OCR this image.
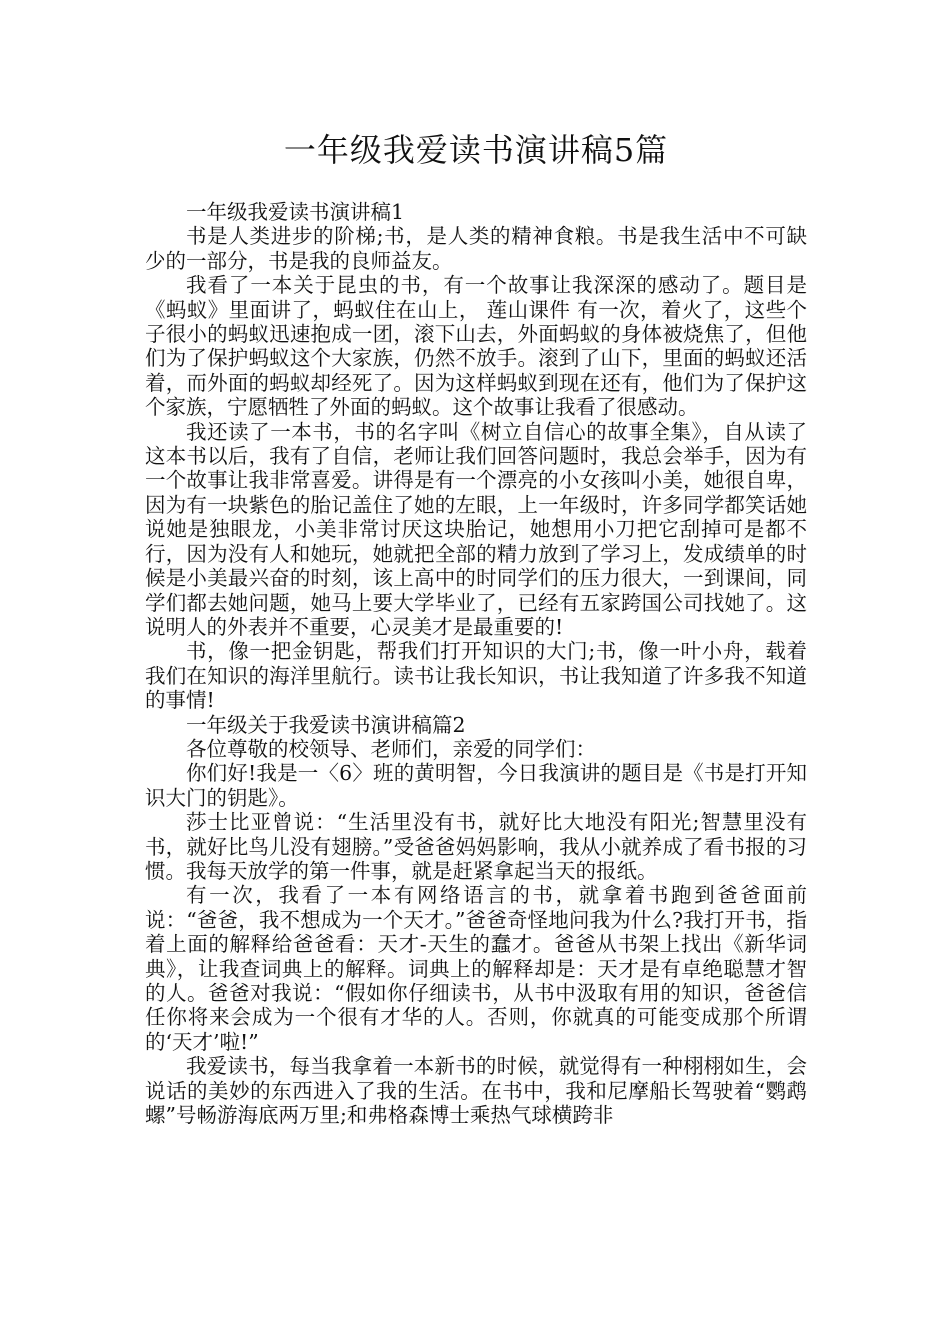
一年级我爱读书演讲稿5篇

一年级我爱读书演讲稿1

书是人类进步的阶梯;书，是人类的精神食粮。书是我生活中不可缺少的一部分，书是我的良师益友。

我看了一本关于昆虫的书，有一个故事让我深深的感动了。题目是《蚂蚁》里面讲了，蚂蚁住在山上， 莲山课件 有一次，着火了，这些个子很小的蚂蚁迅速抱成一团，滚下山去，外面蚂蚁的身体被烧焦了，但他们为了保护蚂蚁这个大家族，仍然不放手。滚到了山下，里面的蚂蚁还活着，而外面的蚂蚁却经死了。因为这样蚂蚁到现在还有，他们为了保护这个家族，宁愿牺牲了外面的蚂蚁。这个故事让我看了很感动。

我还读了一本书，书的名字叫《树立自信心的故事全集》，自从读了这本书以后，我有了自信，老师让我们回答问题时，我总会举手，因为有一个故事让我非常喜爱。讲得是有一个漂亮的小女孩叫小美，她很自卑，因为有一块紫色的胎记盖住了她的左眼，上一年级时，许多同学都笑话她说她是独眼龙，小美非常讨厌这块胎记，她想用小刀把它刮掉可是都不行，因为没有人和她玩，她就把全部的精力放到了学习上，发成绩单的时候是小美最兴奋的时刻，该上高中的时同学们的压力很大，一到课间，同学们都去她问题，她马上要大学毕业了，已经有五家跨国公司找她了。这说明人的外表并不重要，心灵美才是最重要的!

书，像一把金钥匙，帮我们打开知识的大门;书，像一叶小舟，载着我们在知识的海洋里航行。读书让我长知识，书让我知道了许多我不知道的事情!

一年级关于我爱读书演讲稿篇2

各位尊敬的校领导、老师们，亲爱的同学们：

你们好!我是一〈6〉班的黄明智，今日我演讲的题目是《书是打开知识大门的钥匙》。

莎士比亚曾说：“生活里没有书，就好比大地没有阳光;智慧里没有书，就好比鸟儿没有翅膀。”受爸爸妈妈影响，我从小就养成了看书报的习惯。我每天放学的第一件事，就是赶紧拿起当天的报纸。

有一次，我看了一本有网络语言的书，就拿着书跑到爸爸面前说：“爸爸，我不想成为一个天才。”爸爸奇怪地问我为什么?我打开书，指着上面的解释给爸爸看：天才-天生的蠢才。爸爸从书架上找出《新华词典》，让我查词典上的解释。词典上的解释却是：天才是有卓绝聪慧才智的人。爸爸对我说：“假如你仔细读书，从书中汲取有用的知识，爸爸信任你将来会成为一个很有才华的人。否则，你就真的可能变成那个所谓的‘天才’啦!”

我爱读书，每当我拿着一本新书的时候，就觉得有一种栩栩如生，会说话的美妙的东西进入了我的生活。在书中，我和尼摩船长驾驶着“鹦鹉螺”号畅游海底两万里;和弗格森博士乘热气球横跨非
